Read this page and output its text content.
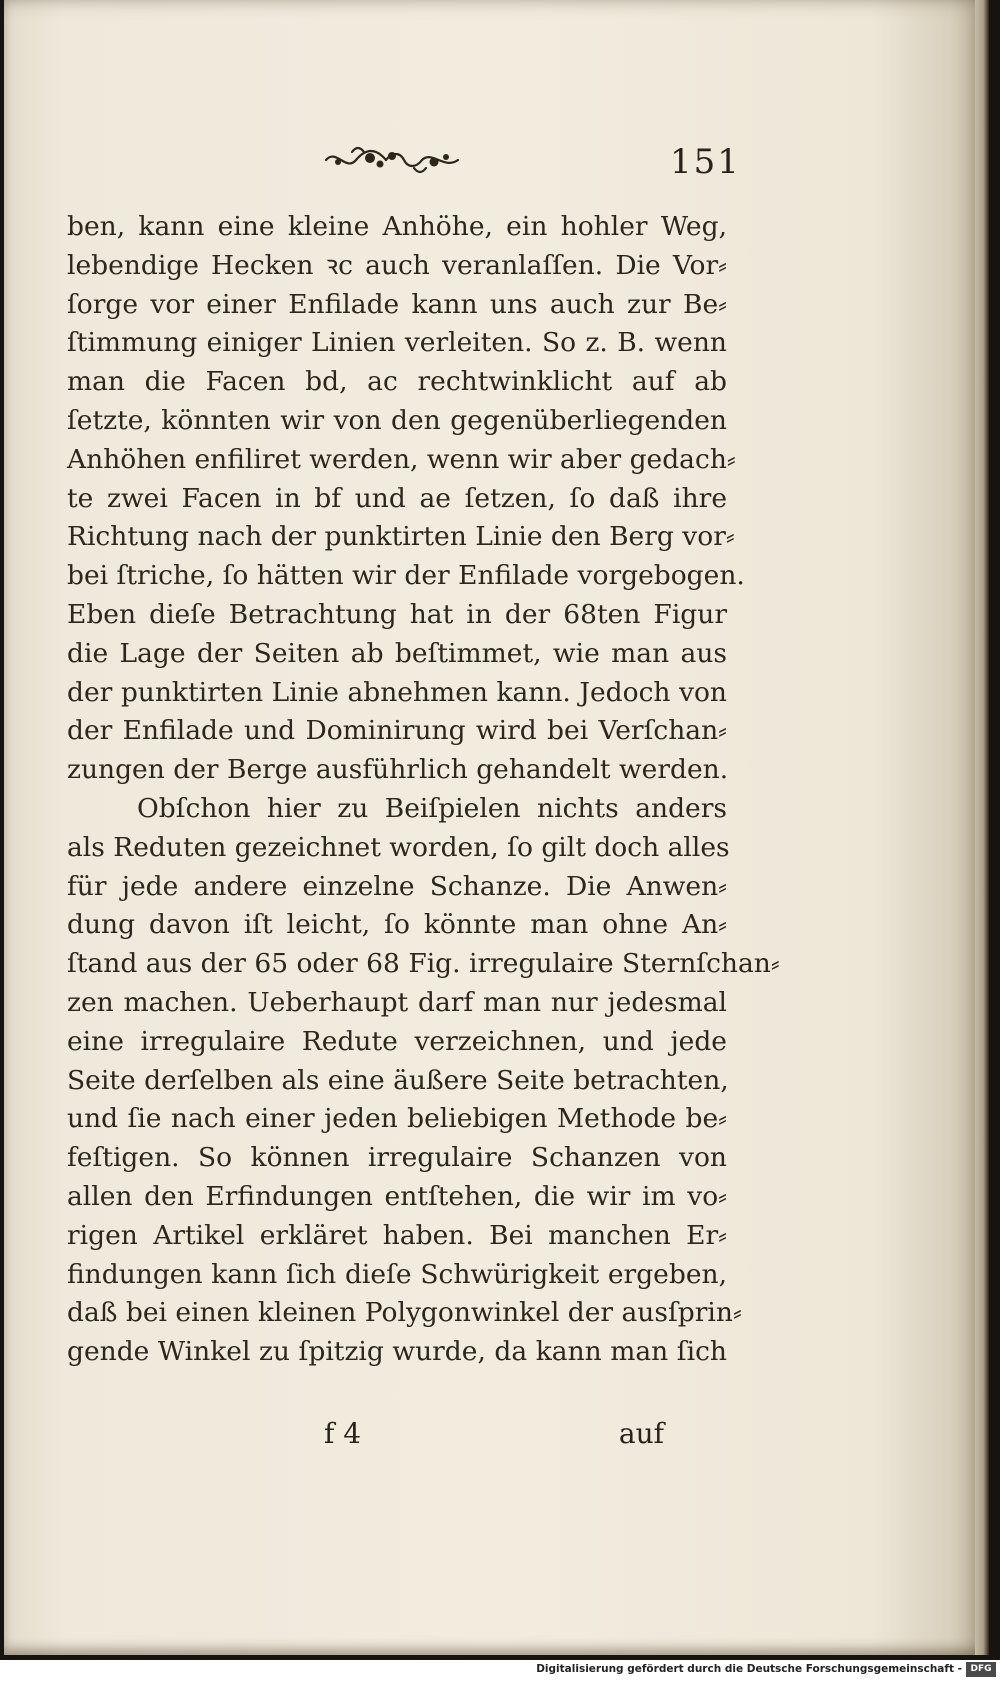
151
ben, kann eine kleine Anhöhe, ein hohler Weg,
lebendige Hecken ꝛc auch veranlaſſen. Die Vor⸗
ſorge vor einer Enfilade kann uns auch zur Be⸗
ſtimmung einiger Linien verleiten. So z. B. wenn
man die Facen bd, ac rechtwinklicht auf ab
ſetzte, könnten wir von den gegenüberliegenden
Anhöhen enfiliret werden, wenn wir aber gedach⸗
te zwei Facen in bf und ae ſetzen, ſo daß ihre
Richtung nach der punktirten Linie den Berg vor⸗
bei ſtriche, ſo hätten wir der Enfilade vorgebogen.
Eben dieſe Betrachtung hat in der 68ten Figur
die Lage der Seiten ab beſtimmet, wie man aus
der punktirten Linie abnehmen kann. Jedoch von
der Enfilade und Dominirung wird bei Verſchan⸗
zungen der Berge ausführlich gehandelt werden.
Obſchon hier zu Beiſpielen nichts anders
als Reduten gezeichnet worden, ſo gilt doch alles
für jede andere einzelne Schanze. Die Anwen⸗
dung davon iſt leicht, ſo könnte man ohne An⸗
ſtand aus der 65 oder 68 Fig. irregulaire Sternſchan⸗
zen machen. Ueberhaupt darf man nur jedesmal
eine irregulaire Redute verzeichnen, und jede
Seite derſelben als eine äußere Seite betrachten,
und ſie nach einer jeden beliebigen Methode be⸗
feſtigen. So können irregulaire Schanzen von
allen den Erfindungen entſtehen, die wir im vo⸗
rigen Artikel erkläret haben. Bei manchen Er⸗
findungen kann ſich dieſe Schwürigkeit ergeben,
daß bei einen kleinen Polygonwinkel der ausſprin⸗
gende Winkel zu ſpitzig wurde, da kann man ſich
f 4	auf
Digitalisierung gefördert durch die Deutsche Forschungsgemeinschaft - DFG
